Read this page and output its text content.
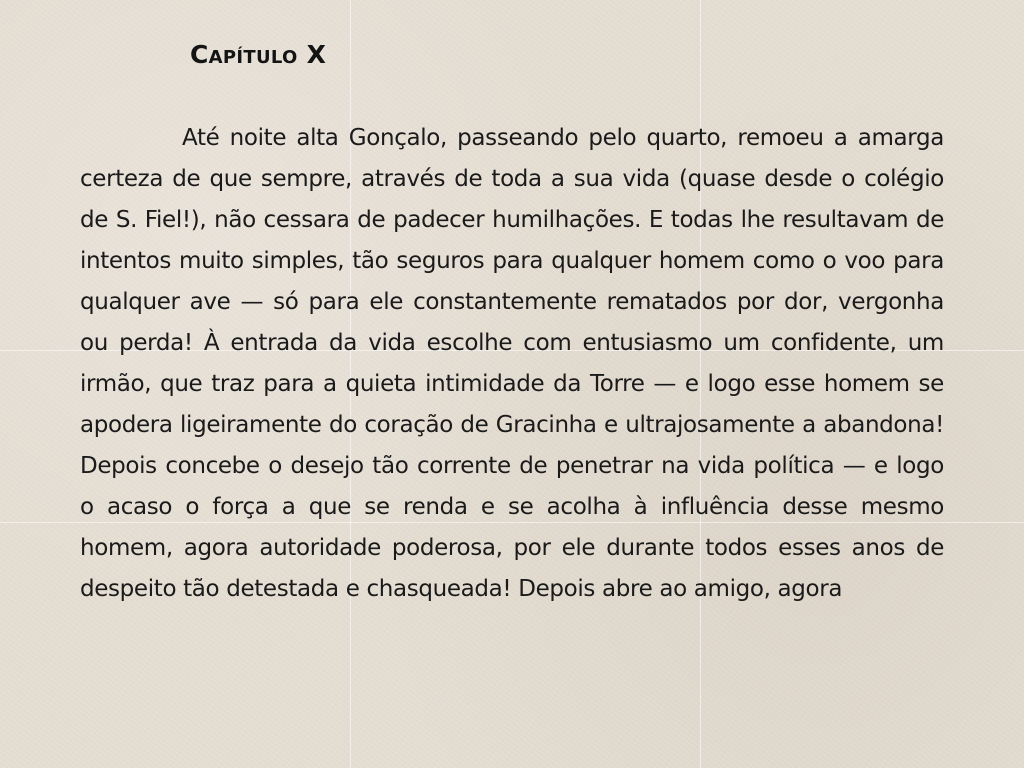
Capítulo X

Até noite alta Gonçalo, passeando pelo quarto, remoeu a amarga certeza de que sempre, através de toda a sua vida (quase desde o colégio de S. Fiel!), não cessara de padecer humilhações. E todas lhe resultavam de intentos muito simples, tão seguros para qualquer homem como o voo para qualquer ave — só para ele constantemente rematados por dor, vergonha ou perda! À entrada da vida escolhe com entusiasmo um confidente, um irmão, que traz para a quieta intimidade da Torre — e logo esse homem se apodera ligeiramente do coração de Gracinha e ultrajosamente a abandona! Depois concebe o desejo tão corrente de penetrar na vida política — e logo o acaso o força a que se renda e se acolha à influência desse mesmo homem, agora autoridade poderosa, por ele durante todos esses anos de despeito tão detestada e chasqueada! Depois abre ao amigo, agora
